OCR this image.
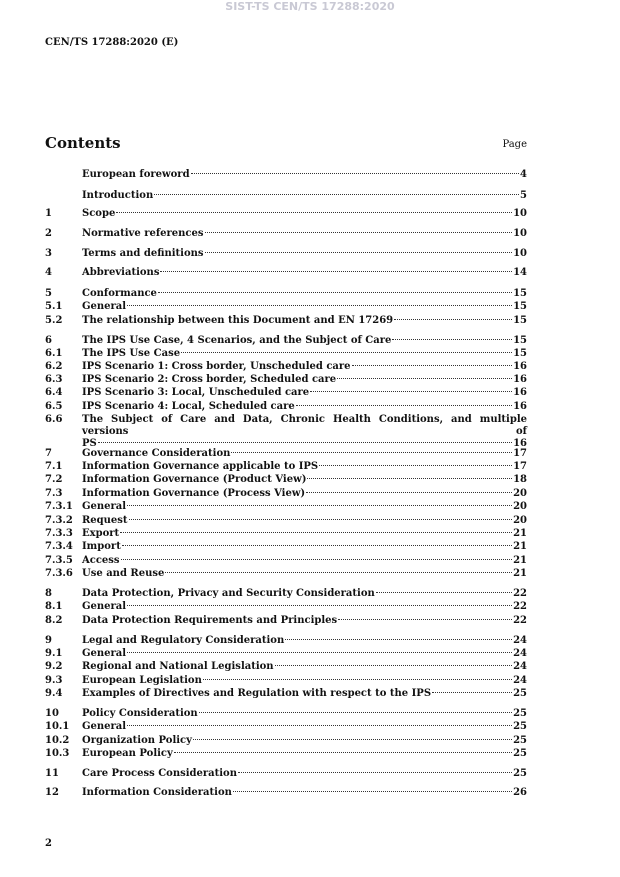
SIST-TS CEN/TS 17288:2020
CEN/TS 17288:2020 (E)
Contents	Page
European foreword	4
Introduction	5
1	Scope	10
2	Normative references	10
3	Terms and definitions	10
4	Abbreviations	14
5	Conformance	15
5.1	General	15
5.2	The relationship between this Document and EN 17269	15
6	The IPS Use Case, 4 Scenarios, and the Subject of Care	15
6.1	The IPS Use Case	15
6.2	IPS Scenario 1: Cross border, Unscheduled care	16
6.3	IPS Scenario 2: Cross border, Scheduled care	16
6.4	IPS Scenario 3: Local, Unscheduled care	16
6.5	IPS Scenario 4: Local, Scheduled care	16
6.6	The Subject of Care and Data, Chronic Health Conditions, and multiple versions of
PS	16
7	Governance Consideration	17
7.1	Information Governance applicable to IPS	17
7.2	Information Governance (Product View)	18
7.3	Information Governance (Process View)	20
7.3.1 General	20
7.3.2 Request	20
7.3.3 Export	21
7.3.4 Import	21
7.3.5 Access	21
7.3.6 Use and Reuse	21
8	Data Protection, Privacy and Security Consideration	22
8.1	General	22
8.2	Data Protection Requirements and Principles	22
9	Legal and Regulatory Consideration	24
9.1	General	24
9.2	Regional and National Legislation	24
9.3	European Legislation	24
9.4	Examples of Directives and Regulation with respect to the IPS	25
10	Policy Consideration	25
10.1	General	25
10.2	Organization Policy	25
10.3	European Policy	25
11	Care Process Consideration	25
12	Information Consideration	26
2
